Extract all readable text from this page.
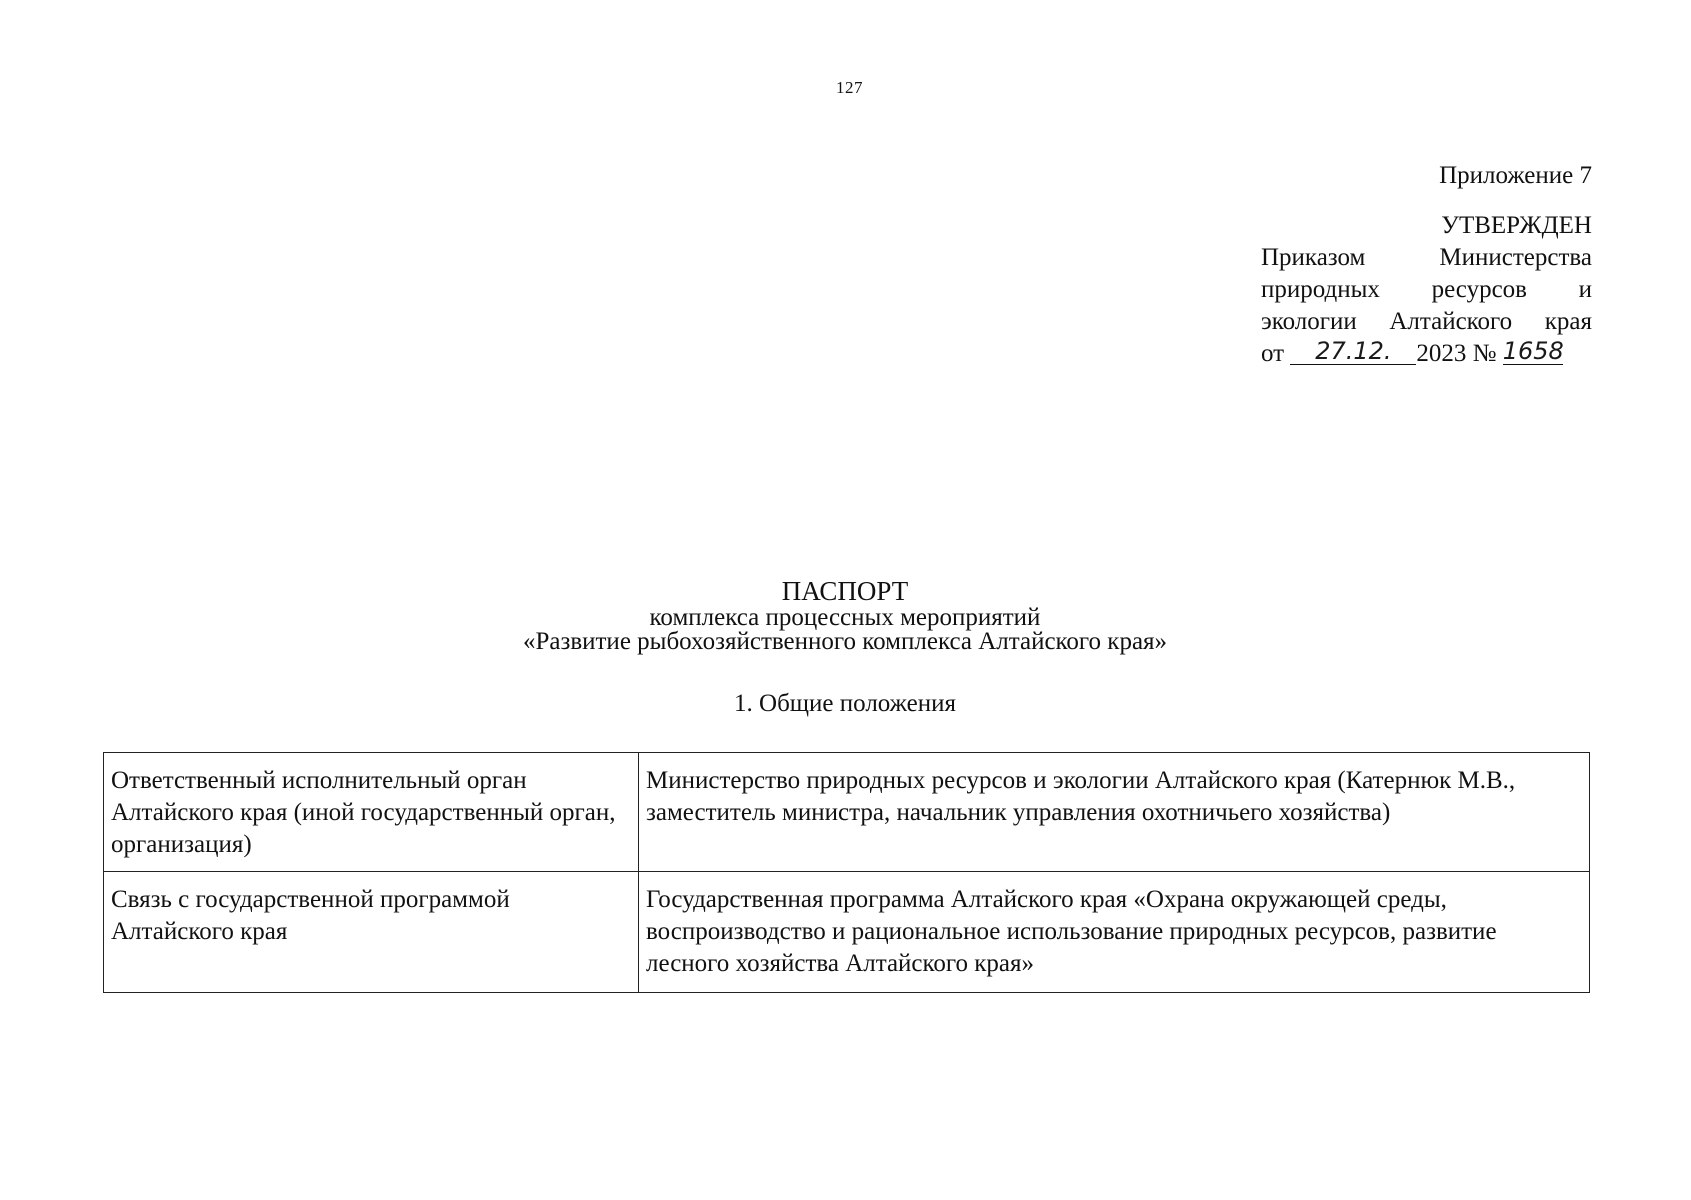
127
Приложение 7
УТВЕРЖДЕН
Приказом Министерства
природных ресурсов и
экологии Алтайского края
от 27.12. 2023 № 1658
ПАСПОРТ
комплекса процессных мероприятий
«Развитие рыбохозяйственного комплекса Алтайского края»
1. Общие положения
Ответственный исполнительный орган Алтайского края (иной государственный орган, организация)	Министерство природных ресурсов и экологии Алтайского края (Катернюк М.В., заместитель министра, начальник управления охотничьего хозяйства)
Связь с государственной программой Алтайского края	Государственная программа Алтайского края «Охрана окружающей среды, воспроизводство и рациональное использование природных ресурсов, развитие лесного хозяйства Алтайского края»
